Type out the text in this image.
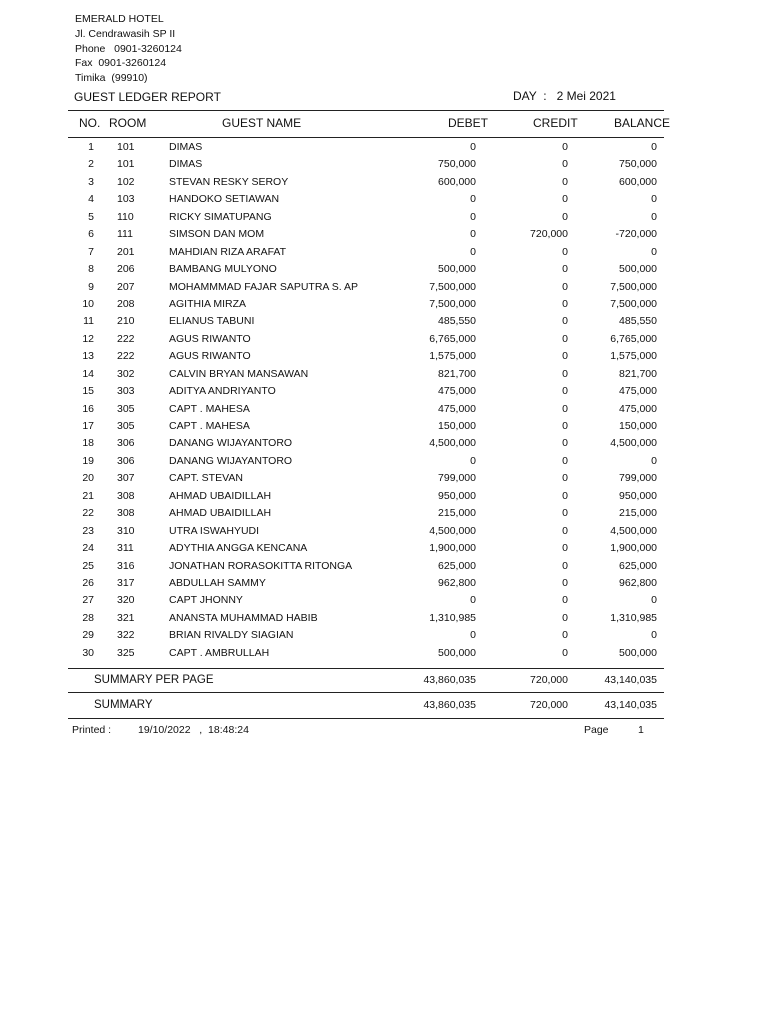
EMERALD HOTEL
Jl. Cendrawasih SP II
Phone   0901-3260124
Fax  0901-3260124
Timika  (99910)
GUEST LEDGER REPORT	DAY  :   2 Mei 2021
NO. ROOM	GUEST NAME	DEBET	CREDIT	BALANCE
1 101	DIMAS	0	0	0
2 101	DIMAS	750,000	0	750,000
3 102	STEVAN RESKY SEROY	600,000	0	600,000
4 103	HANDOKO SETIAWAN	0	0	0
5 110	RICKY SIMATUPANG	0	0	0
6 111	SIMSON DAN MOM	0	720,000	-720,000
7 201	MAHDIAN RIZA ARAFAT	0	0	0
8 206	BAMBANG MULYONO	500,000	0	500,000
9 207	MOHAMMMAD FAJAR SAPUTRA S. AP	7,500,000	0	7,500,000
10 208	AGITHIA MIRZA	7,500,000	0	7,500,000
11 210	ELIANUS TABUNI	485,550	0	485,550
12 222	AGUS RIWANTO	6,765,000	0	6,765,000
13 222	AGUS RIWANTO	1,575,000	0	1,575,000
14 302	CALVIN BRYAN MANSAWAN	821,700	0	821,700
15 303	ADITYA ANDRIYANTO	475,000	0	475,000
16 305	CAPT . MAHESA	475,000	0	475,000
17 305	CAPT . MAHESA	150,000	0	150,000
18 306	DANANG WIJAYANTORO	4,500,000	0	4,500,000
19 306	DANANG WIJAYANTORO	0	0	0
20 307	CAPT. STEVAN	799,000	0	799,000
21 308	AHMAD UBAIDILLAH	950,000	0	950,000
22 308	AHMAD UBAIDILLAH	215,000	0	215,000
23 310	UTRA ISWAHYUDI	4,500,000	0	4,500,000
24 311	ADYTHIA ANGGA KENCANA	1,900,000	0	1,900,000
25 316	JONATHAN RORASOKITTA RITONGA	625,000	0	625,000
26 317	ABDULLAH SAMMY	962,800	0	962,800
27 320	CAPT JHONNY	0	0	0
28 321	ANANSTA MUHAMMAD HABIB	1,310,985	0	1,310,985
29 322	BRIAN RIVALDY SIAGIAN	0	0	0
30 325	CAPT . AMBRULLAH	500,000	0	500,000
SUMMARY PER PAGE	43,860,035	720,000	43,140,035
SUMMARY	43,860,035	720,000	43,140,035
Printed :	19/10/2022   ,  18:48:24	Page	1
